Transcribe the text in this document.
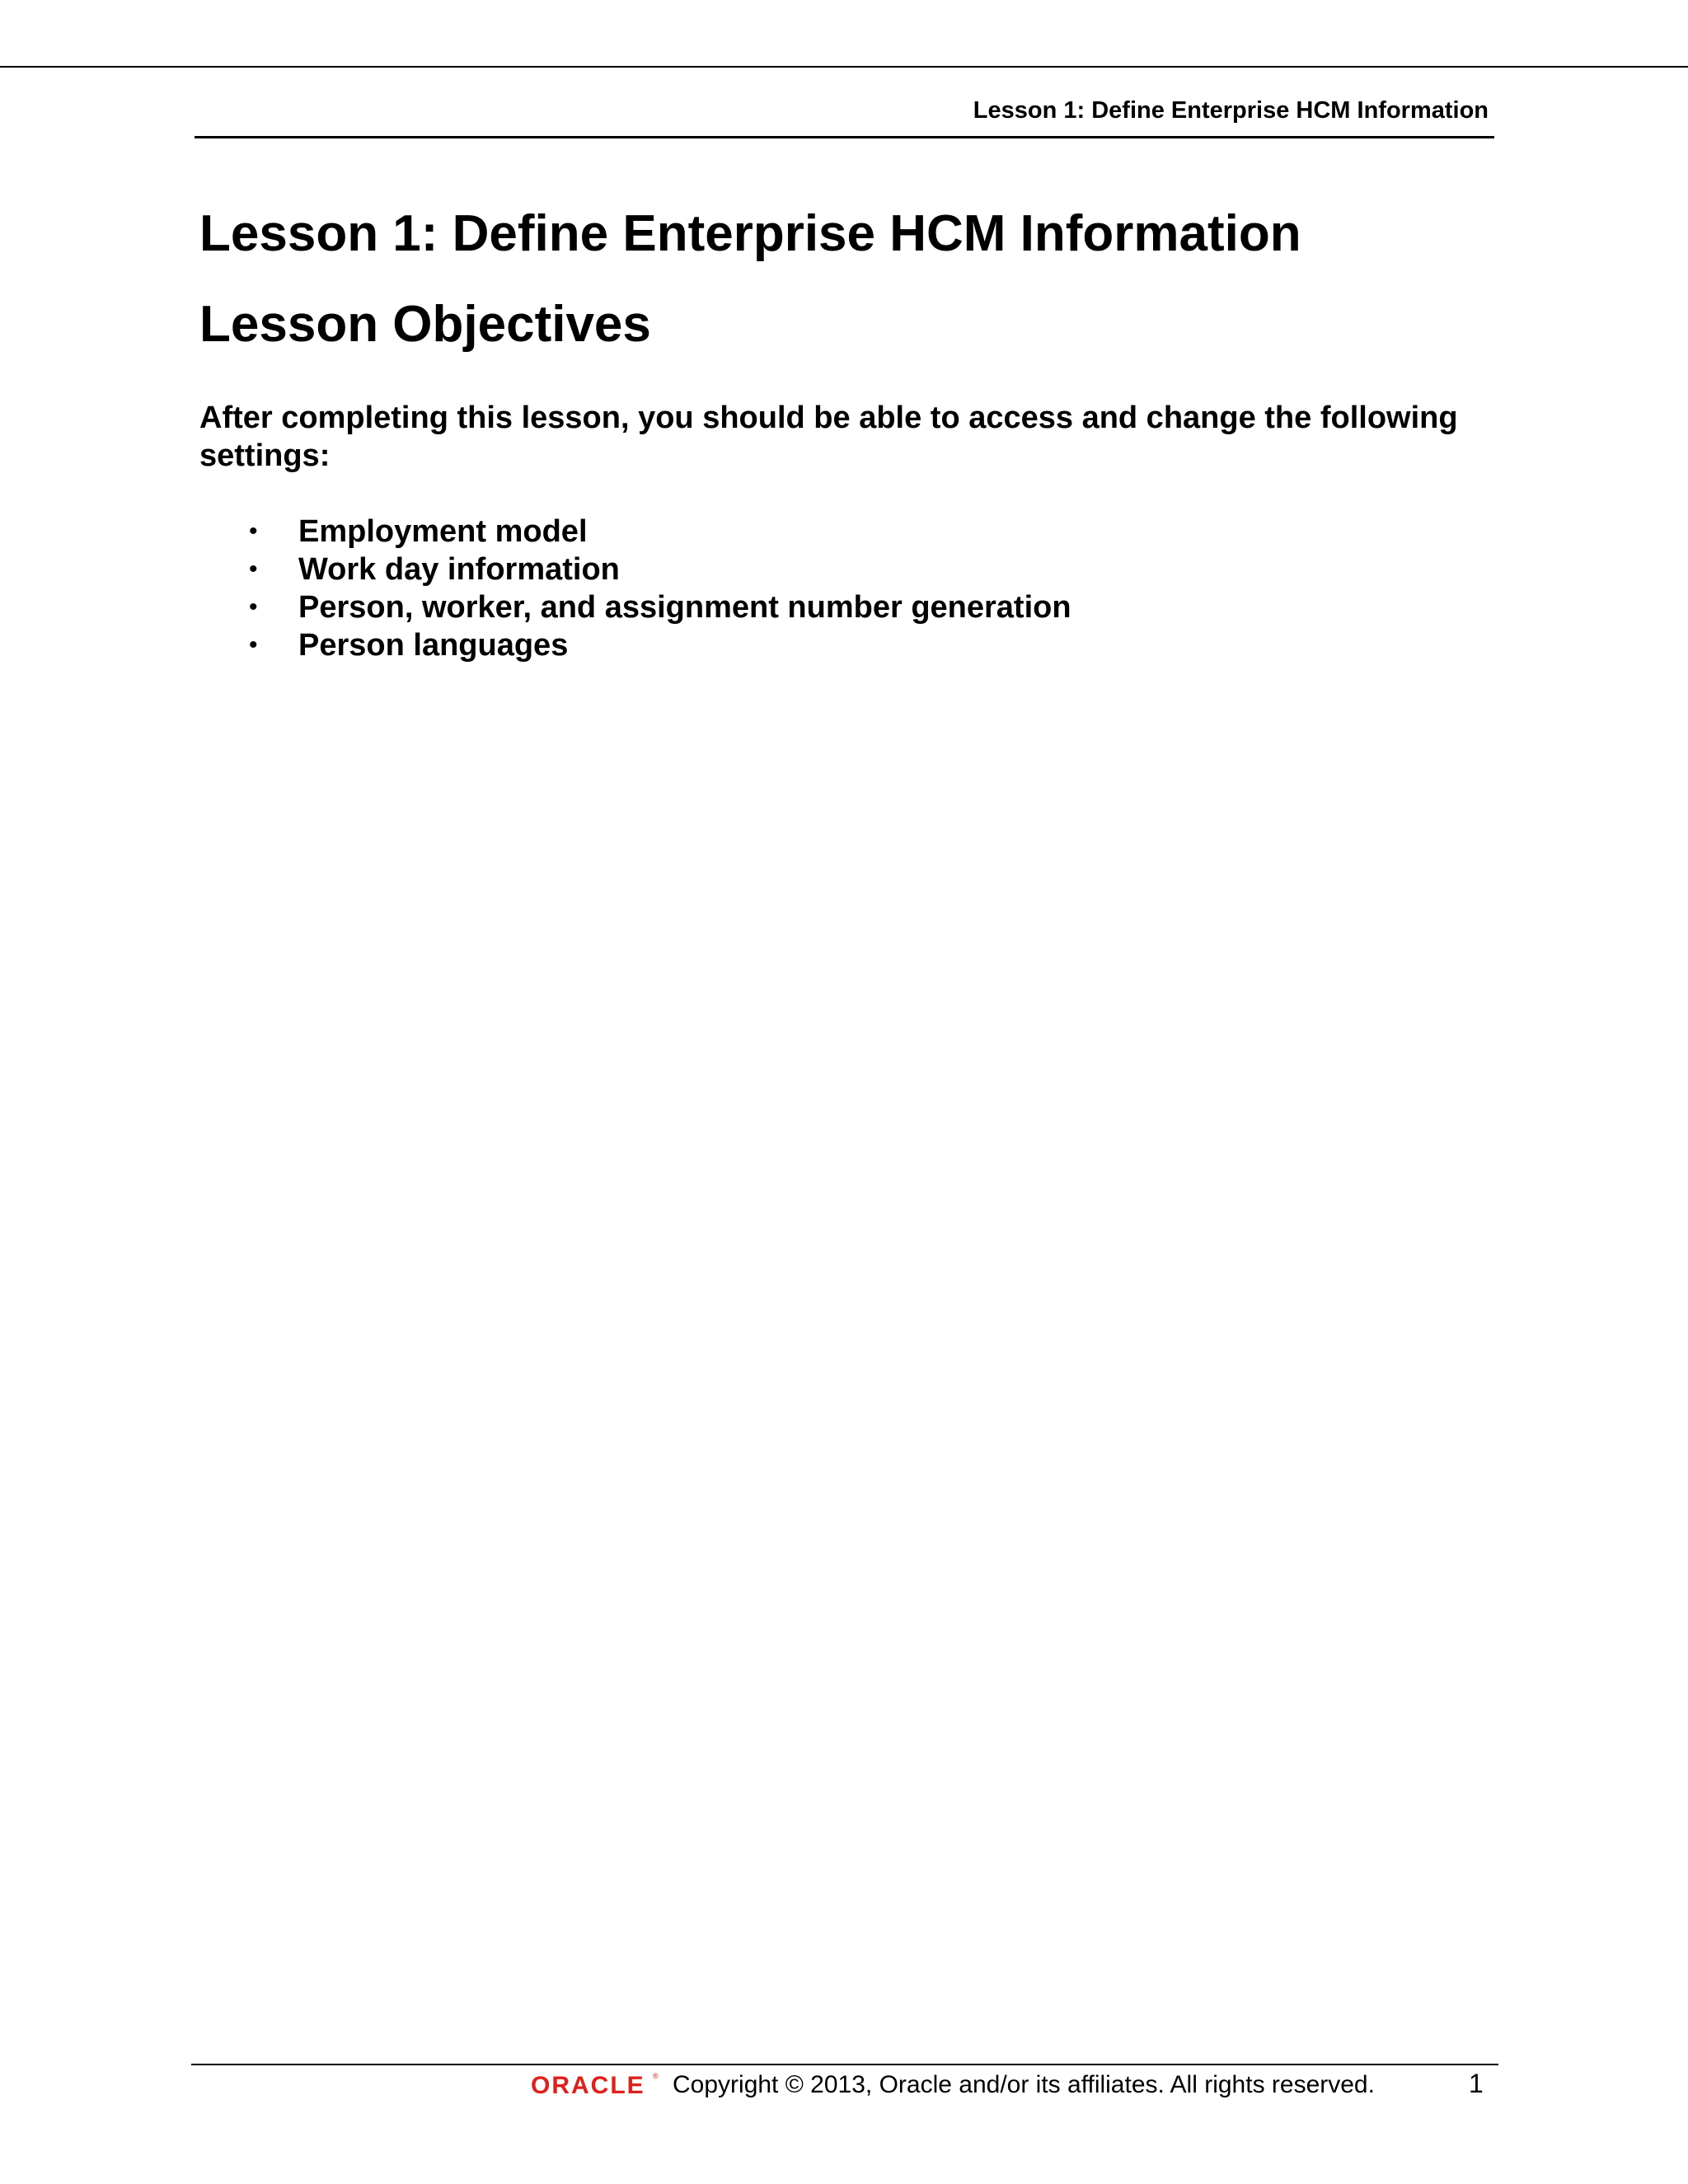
Lesson 1: Define Enterprise HCM Information
Lesson 1: Define Enterprise HCM Information
Lesson Objectives

After completing this lesson, you should be able to access and change the following settings:

• Employment model
• Work day information
• Person, worker, and assignment number generation
• Person languages
ORACLE ® Copyright © 2013, Oracle and/or its affiliates. All rights reserved.	1
